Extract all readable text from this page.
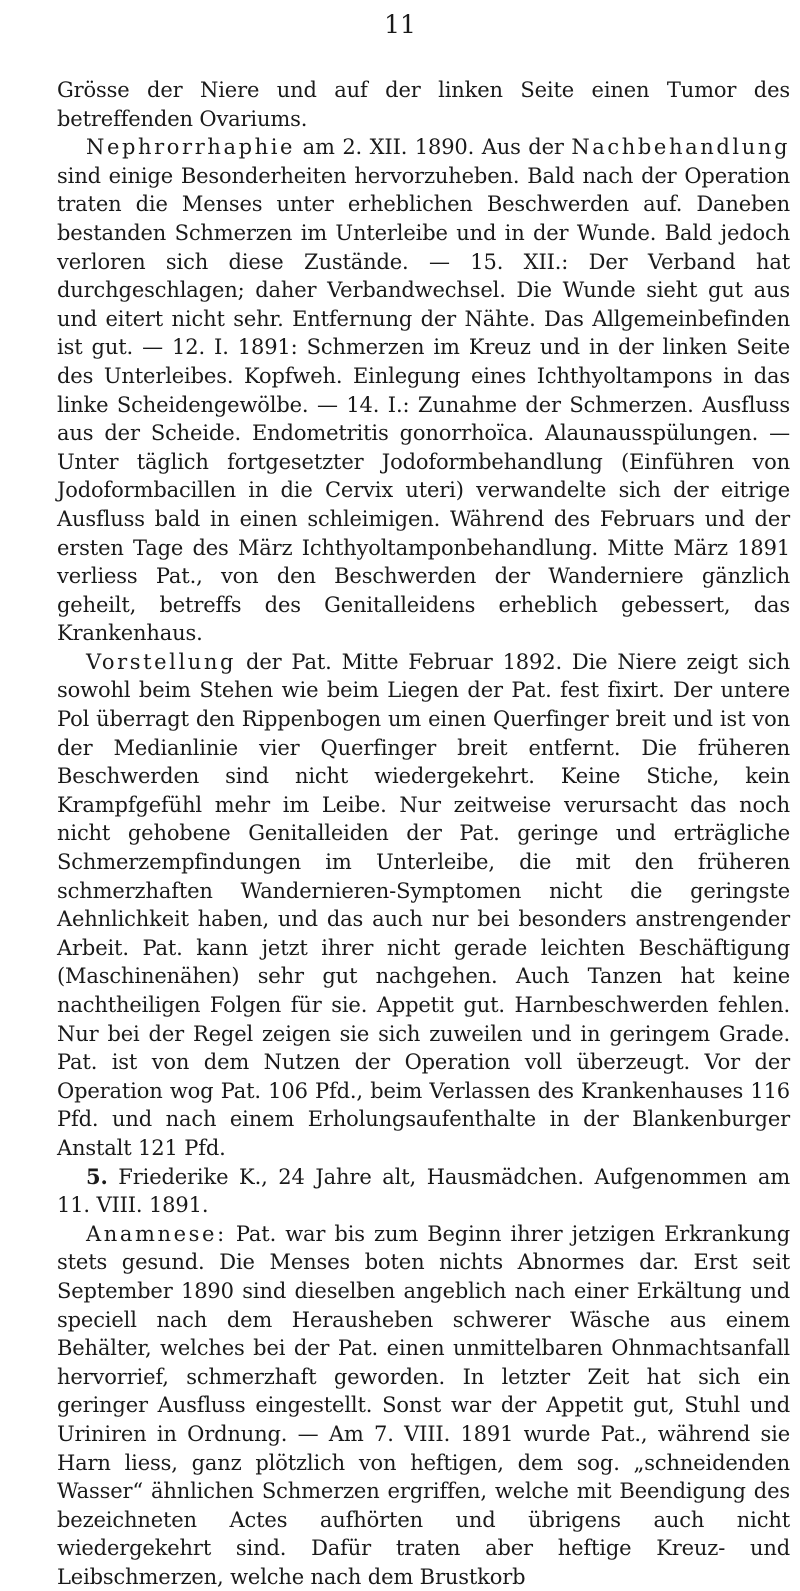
11

Grösse der Niere und auf der linken Seite einen Tumor des betreffenden Ovariums.

Nephrorrhaphie am 2. XII. 1890. Aus der Nachbehandlung sind einige Besonderheiten hervorzuheben. Bald nach der Operation traten die Menses unter erheblichen Beschwerden auf. Daneben bestanden Schmerzen im Unterleibe und in der Wunde. Bald jedoch verloren sich diese Zustände. — 15. XII.: Der Verband hat durchgeschlagen; daher Verbandwechsel. Die Wunde sieht gut aus und eitert nicht sehr. Entfernung der Nähte. Das Allgemeinbefinden ist gut. — 12. I. 1891: Schmerzen im Kreuz und in der linken Seite des Unterleibes. Kopfweh. Einlegung eines Ichthyoltampons in das linke Scheidengewölbe. — 14. I.: Zunahme der Schmerzen. Ausfluss aus der Scheide. Endometritis gonorrhoïca. Alaunausspülungen. — Unter täglich fortgesetzter Jodoformbehandlung (Einführen von Jodoformbacillen in die Cervix uteri) verwandelte sich der eitrige Ausfluss bald in einen schleimigen. Während des Februars und der ersten Tage des März Ichthyoltamponbehandlung. Mitte März 1891 verliess Pat., von den Beschwerden der Wanderniere gänzlich geheilt, betreffs des Genitalleidens erheblich gebessert, das Krankenhaus.

Vorstellung der Pat. Mitte Februar 1892. Die Niere zeigt sich sowohl beim Stehen wie beim Liegen der Pat. fest fixirt. Der untere Pol überragt den Rippenbogen um einen Querfinger breit und ist von der Medianlinie vier Querfinger breit entfernt. Die früheren Beschwerden sind nicht wiedergekehrt. Keine Stiche, kein Krampfgefühl mehr im Leibe. Nur zeitweise verursacht das noch nicht gehobene Genitalleiden der Pat. geringe und erträgliche Schmerzempfindungen im Unterleibe, die mit den früheren schmerzhaften Wandernieren-Symptomen nicht die geringste Aehnlichkeit haben, und das auch nur bei besonders anstrengender Arbeit. Pat. kann jetzt ihrer nicht gerade leichten Beschäftigung (Maschinenähen) sehr gut nachgehen. Auch Tanzen hat keine nachtheiligen Folgen für sie. Appetit gut. Harnbeschwerden fehlen. Nur bei der Regel zeigen sie sich zuweilen und in geringem Grade. Pat. ist von dem Nutzen der Operation voll überzeugt. Vor der Operation wog Pat. 106 Pfd., beim Verlassen des Krankenhauses 116 Pfd. und nach einem Erholungsaufenthalte in der Blankenburger Anstalt 121 Pfd.

5. Friederike K., 24 Jahre alt, Hausmädchen. Aufgenommen am 11. VIII. 1891.

Anamnese: Pat. war bis zum Beginn ihrer jetzigen Erkrankung stets gesund. Die Menses boten nichts Abnormes dar. Erst seit September 1890 sind dieselben angeblich nach einer Erkältung und speciell nach dem Herausheben schwerer Wäsche aus einem Behälter, welches bei der Pat. einen unmittelbaren Ohnmachtsanfall hervorrief, schmerzhaft geworden. In letzter Zeit hat sich ein geringer Ausfluss eingestellt. Sonst war der Appetit gut, Stuhl und Uriniren in Ordnung. — Am 7. VIII. 1891 wurde Pat., während sie Harn liess, ganz plötzlich von heftigen, dem sog. „schneidenden Wasser“ ähnlichen Schmerzen ergriffen, welche mit Beendigung des bezeichneten Actes aufhörten und übrigens auch nicht wiedergekehrt sind. Dafür traten aber heftige Kreuz- und Leibschmerzen, welche nach dem Brustkorb
